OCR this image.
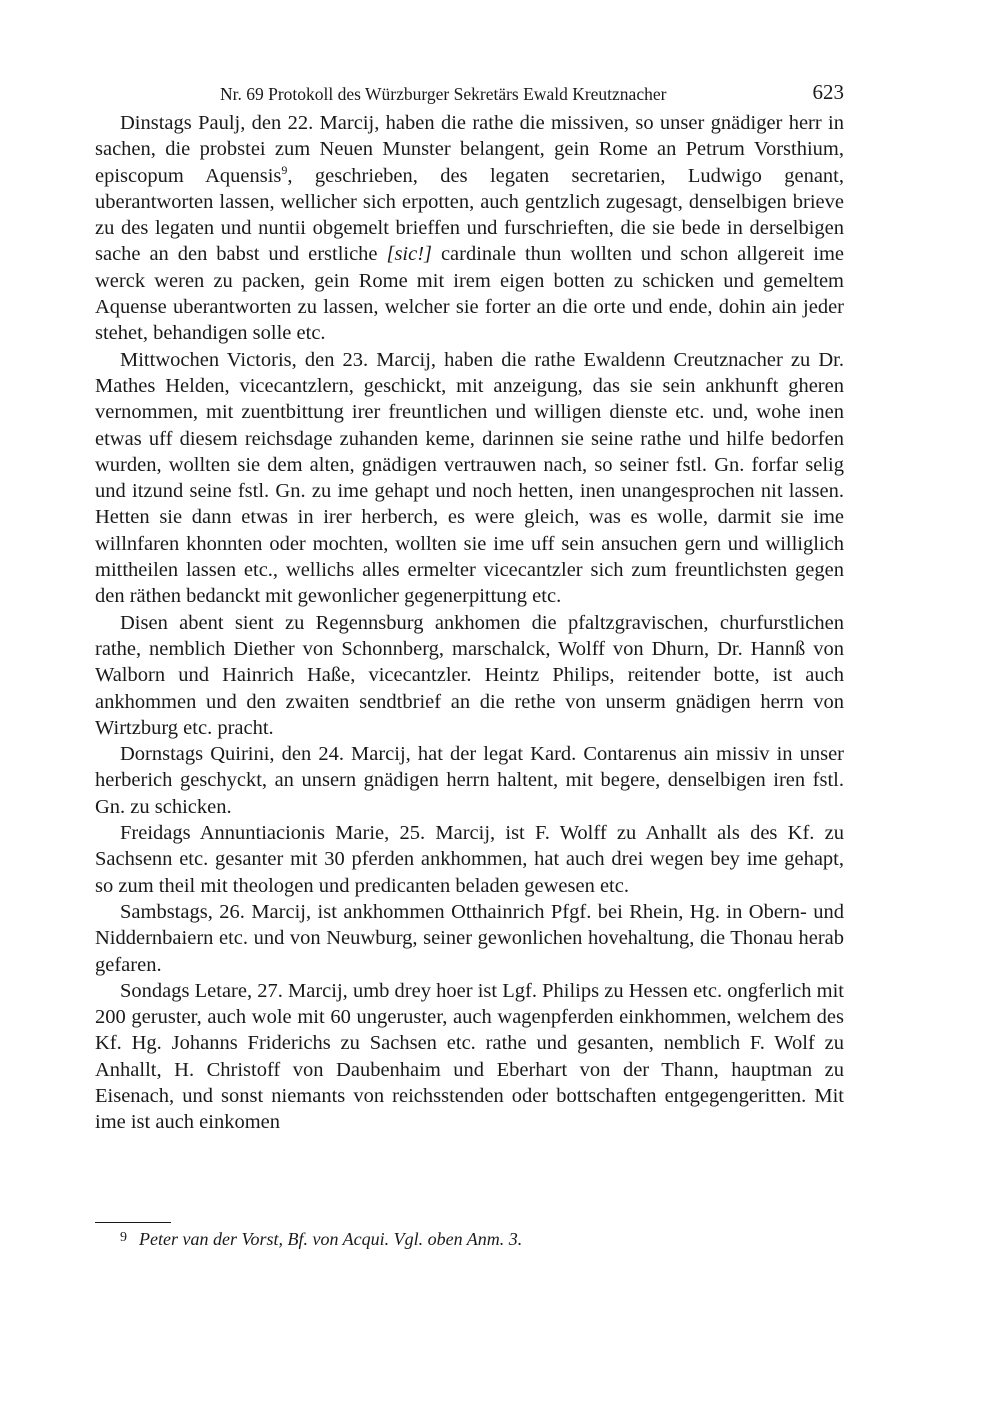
Nr. 69 Protokoll des Würzburger Sekretärs Ewald Kreutznacher	623

Dinstags Paulj, den 22. Marcij, haben die rathe die missiven, so unser gnädiger herr in sachen, die probstei zum Neuen Munster belangent, gein Rome an Petrum Vorsthium, episcopum Aquensis$^9$, geschrieben, des legaten secretarien, Ludwigo genant, uberantworten lassen, wellicher sich erpotten, auch gentzlich zugesagt, denselbigen brieve zu des legaten und nuntii obgemelt brieffen und furschrieften, die sie bede in derselbigen sache an den babst und erstliche [sic!] cardinale thun wollten und schon allgereit ime werck weren zu packen, gein Rome mit irem eigen botten zu schicken und gemeltem Aquense uberantworten zu lassen, welcher sie forter an die orte und ende, dohin ain jeder stehet, behandigen solle etc.

Mittwochen Victoris, den 23. Marcij, haben die rathe Ewaldenn Creutznacher zu Dr. Mathes Helden, vicecantzlern, geschickt, mit anzeigung, das sie sein ankhunft gheren vernommen, mit zuentbittung irer freuntlichen und willigen dienste etc. und, wohe inen etwas uff diesem reichsdage zuhanden keme, darinnen sie seine rathe und hilfe bedorfen wurden, wollten sie dem alten, gnädigen vertrauwen nach, so seiner fstl. Gn. forfar selig und itzund seine fstl. Gn. zu ime gehapt und noch hetten, inen unangesprochen nit lassen. Hetten sie dann etwas in irer herberch, es were gleich, was es wolle, darmit sie ime willnfaren khonnten oder mochten, wollten sie ime uff sein ansuchen gern und williglich mittheilen lassen etc., wellichs alles ermelter vicecantzler sich zum freuntlichsten gegen den räthen bedanckt mit gewonlicher gegenerpittung etc.

Disen abent sient zu Regennsburg ankhomen die pfaltzgravischen, churfurstlichen rathe, nemblich Diether von Schonnberg, marschalck, Wolff von Dhurn, Dr. Hannß von Walborn und Hainrich Haße, vicecantzler. Heintz Philips, reitender botte, ist auch ankhommen und den zwaiten sendtbrief an die rethe von unserm gnädigen herrn von Wirtzburg etc. pracht.

Dornstags Quirini, den 24. Marcij, hat der legat Kard. Contarenus ain missiv in unser herberich geschyckt, an unsern gnädigen herrn haltent, mit begere, denselbigen iren fstl. Gn. zu schicken.

Freidags Annuntiacionis Marie, 25. Marcij, ist F. Wolff zu Anhallt als des Kf. zu Sachsenn etc. gesanter mit 30 pferden ankhommen, hat auch drei wegen bey ime gehapt, so zum theil mit theologen und predicanten beladen gewesen etc.

Sambstags, 26. Marcij, ist ankhommen Otthainrich Pfgf. bei Rhein, Hg. in Obern- und Niddernbaiern etc. und von Neuwburg, seiner gewonlichen hovehaltung, die Thonau herab gefaren.

Sondags Letare, 27. Marcij, umb drey hoer ist Lgf. Philips zu Hessen etc. ongferlich mit 200 geruster, auch wole mit 60 ungeruster, auch wagenpferden einkhommen, welchem des Kf. Hg. Johanns Friderichs zu Sachsen etc. rathe und gesanten, nemblich F. Wolf zu Anhallt, H. Christoff von Daubenhaim und Eberhart von der Thann, hauptman zu Eisenach, und sonst niemants von reichsstenden oder bottschaften entgegengeritten. Mit ime ist auch einkomen

$^9$ Peter van der Vorst, Bf. von Acqui. Vgl. oben Anm. 3.
